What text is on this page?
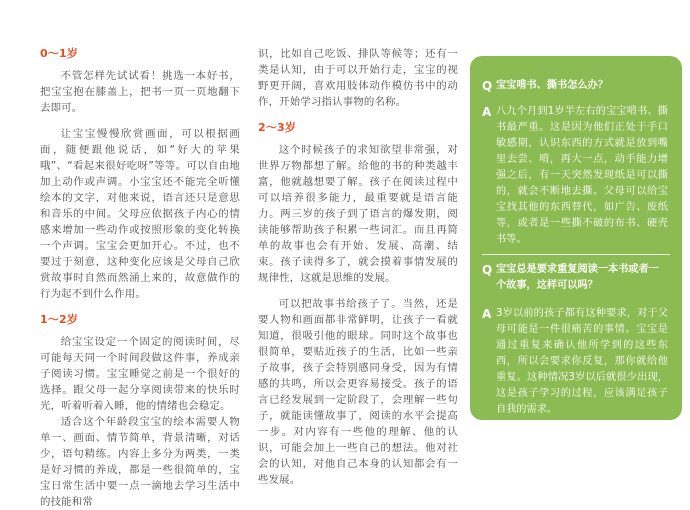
0～1岁

不管怎样先试试看！挑选一本好书，把宝宝抱在膝盖上，把书一页一页地翻下去即可。

让宝宝慢慢欣赏画面，可以根据画面，随便跟他说话，如“好大的苹果哦”、“看起来很好吃呀”等等。可以自由地加上动作或声调。小宝宝还不能完全听懂绘本的文字，对他来说，语言还只是意思和音乐的中间。父母应依据孩子内心的情感来增加一些动作或按照形象的变化转换一个声调。宝宝会更加开心。不过，也不要过于刻意，这种变化应该是父母自己欣赏故事时自然而然涌上来的，故意做作的行为起不到什么作用。

1～2岁

给宝宝设定一个固定的阅读时间，尽可能每天同一个时间段做这件事，养成亲子阅读习惯。宝宝睡觉之前是一个很好的选择。跟父母一起分享阅读带来的快乐时光，听着听着入睡，他的情绪也会稳定。

适合这个年龄段宝宝的绘本需要人物单一、画面、情节简单，背景清晰，对话少，语句精练。内容上多分为两类，一类是好习惯的养成，都是一些很简单的，宝宝日常生活中要一点一滴地去学习生活中的技能和常

识，比如自己吃饭、排队等候等；还有一类是认知，由于可以开始行走，宝宝的视野更开阔，喜欢用肢体动作模仿书中的动作，开始学习指认事物的名称。

2～3岁

这个时候孩子的求知欲望非常强，对世界万物都想了解。给他的书的种类越丰富，他就越想要了解。孩子在阅读过程中可以培养很多能力，最重要就是语言能力。两三岁的孩子到了语言的爆发期，阅读能够帮助孩子积累一些词汇。而且再简单的故事也会有开始、发展、高潮、结束。孩子读得多了，就会摸着事情发展的规律性，这就是思维的发展。

可以把故事书给孩子了。当然，还是要人物和画面都非常鲜明，让孩子一看就知道，很吸引他的眼球。同时这个故事也很简单，要贴近孩子的生活，比如一些亲子故事，孩子会特别感同身受，因为有情感的共鸣，所以会更容易接受。孩子的语言已经发展到一定阶段了，会理解一些句子，就能读懂故事了，阅读的水平会提高一步。对内容有一些他的理解、他的认识，可能会加上一些自己的想法。他对社会的认知，对他自己本身的认知都会有一些发展。

Q 宝宝啃书、撕书怎么办？
A 八九个月到1岁半左右的宝宝啃书、撕书最严重。这是因为他们正处于手口敏感期，认识东西的方式就是放到嘴里去尝、啃，再大一点，动手能力增强之后，有一天突然发现纸是可以撕的，就会不断地去撕。父母可以给宝宝找其他的东西替代，如广告、废纸等，或者是一些撕不破的布书、硬壳书等。
Q 宝宝总是要求重复阅读一本书或者一个故事，这样可以吗？
A 3岁以前的孩子都有这种要求，对于父母可能是一件很痛苦的事情。宝宝是通过重复来确认他所学到的这些东西，所以会要求你反复，那你就给他重复。这种情况3岁以后就很少出现，这是孩子学习的过程，应该满足孩子自我的需求。
